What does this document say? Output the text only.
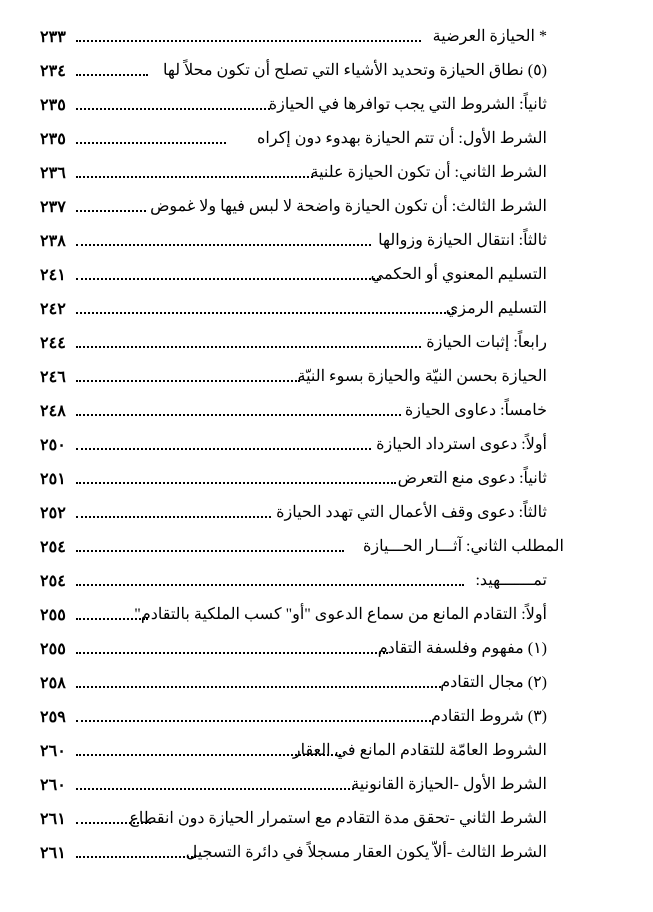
٢٣٣	* الحيازة العرضية
٢٣٤	(٥) نطاق الحيازة وتحديد الأشياء التي تصلح أن تكون محلاً لها
٢٣٥	ثانياً: الشروط التي يجب توافرها في الحيازة
٢٣٥	الشرط الأول: أن تتم الحيازة بهدوء دون إكراه
٢٣٦	الشرط الثاني: أن تكون الحيازة علنية
٢٣٧	الشرط الثالث: أن تكون الحيازة واضحة لا لبس فيها ولا غموض
٢٣٨	ثالثاً: انتقال الحيازة وزوالها
٢٤١	التسليم المعنوي أو الحكمي
٢٤٢	التسليم الرمزي
٢٤٤	رابعاً: إثبات الحيازة
٢٤٦	الحيازة بحسن النيّة والحيازة بسوء النيّة
٢٤٨	خامساً: دعاوى الحيازة
٢٥٠	أولاً: دعوى استرداد الحيازة
٢٥١	ثانياً: دعوى منع التعرض
٢٥٢	ثالثاً: دعوى وقف الأعمال التي تهدد الحيازة
٢٥٤	المطلب الثاني: آثـــار الحـــيازة
٢٥٤	تمـــــــهيد:
٢٥٥	أولاً: التقادم المانع من سماع الدعوى "أو" كسب الملكية بالتقادم"
٢٥٥	(١) مفهوم وفلسفة التقادم
٢٥٨	(٢) مجال التقادم
٢٥٩	(٣) شروط التقادم
٢٦٠	الشروط العامّة للتقادم المانع في العقار
٢٦٠	الشرط الأول -الحيازة القانونية
٢٦١	الشرط الثاني -تحقق مدة التقادم مع استمرار الحيازة دون انقطاع
٢٦١	الشرط الثالث -ألاّ يكون العقار مسجلاً في دائرة التسجيل
